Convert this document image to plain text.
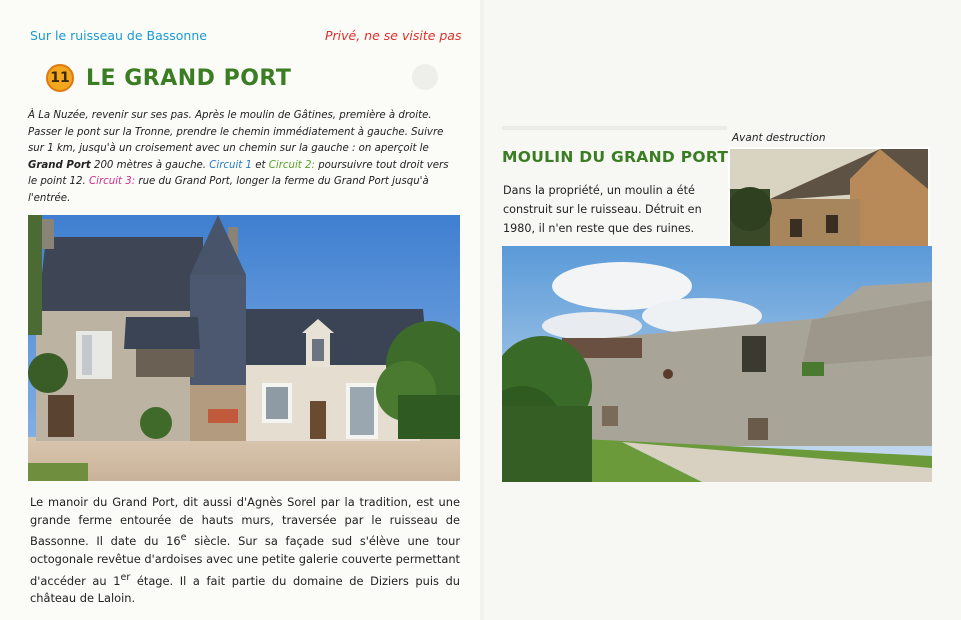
Sur le ruisseau de Bassonne	Privé, ne se visite pas
11 LE GRAND PORT
À La Nuzée, revenir sur ses pas. Après le moulin de Gâtines, première à droite. Passer le pont sur la Tronne, prendre le chemin immédiatement à gauche. Suivre sur 1 km, jusqu'à un croisement avec un chemin sur la gauche : on aperçoit le Grand Port 200 mètres à gauche. Circuit 1 et Circuit 2: poursuivre tout droit vers le point 12. Circuit 3: rue du Grand Port, longer la ferme du Grand Port jusqu'à l'entrée.
Le manoir du Grand Port, dit aussi d'Agnès Sorel par la tradition, est une grande ferme entourée de hauts murs, traversée par le ruisseau de Bassonne. Il date du 16e siècle. Sur sa façade sud s'élève une tour octogonale revêtue d'ardoises avec une petite galerie couverte permettant d'accéder au 1er étage. Il a fait partie du domaine de Diziers puis du château de Laloin.
MOULIN DU GRAND PORT
Dans la propriété, un moulin a été construit sur le ruisseau. Détruit en 1980, il n'en reste que des ruines.
Avant destruction
